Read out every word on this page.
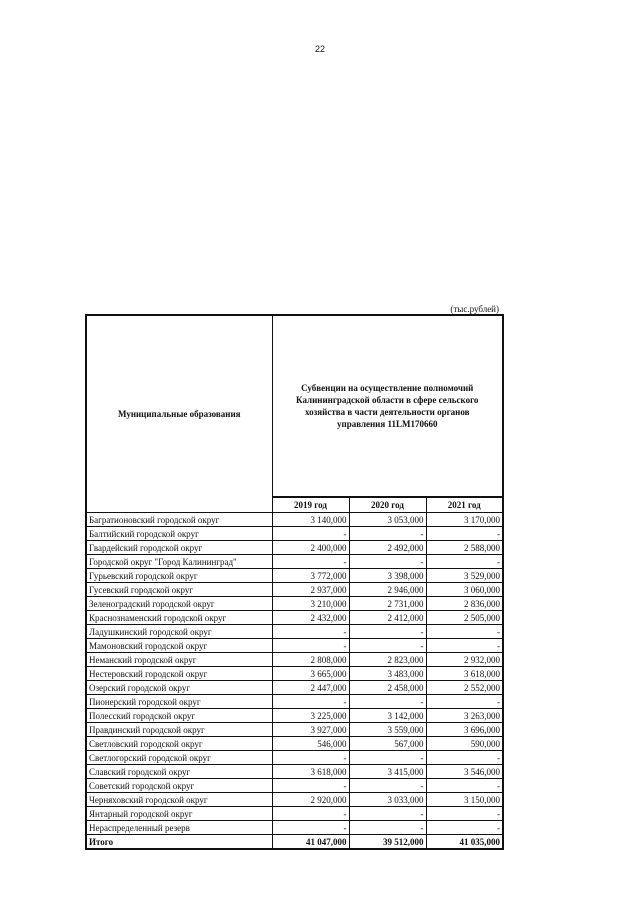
22
(тыс.рублей)
Муниципальные образования	Субвенции на осуществление полномочий Калининградской области в сфере сельского хозяйства в части деятельности органов управления 11LM170660		
	2019 год	2020 год	2021 год
Багратионовский городской округ	3 140,000	3 053,000	3 170,000
Балтийский городской округ	-	-	-
Гвардейский городской округ	2 400,000	2 492,000	2 588,000
Городской округ "Город Калининград"	-	-	-
Гурьевский городской округ	3 772,000	3 398,000	3 529,000
Гусевский городской округ	2 937,000	2 946,000	3 060,000
Зеленоградский городской округ	3 210,000	2 731,000	2 836,000
Краснознаменский городской округ	2 432,000	2 412,000	2 505,000
Ладушкинский городской округ	-	-	-
Мамоновский городской округ	-	-	-
Неманский городской округ	2 808,000	2 823,000	2 932,000
Нестеровский городской округ	3 665,000	3 483,000	3 618,000
Озерский городской округ	2 447,000	2 458,000	2 552,000
Пионерский городской округ	-	-	-
Полесский городской округ	3 225,000	3 142,000	3 263,000
Правдинский городской округ	3 927,000	3 559,000	3 696,000
Светловский городской округ	546,000	567,000	590,000
Светлогорский городской округ	-	-	-
Славский городской округ	3 618,000	3 415,000	3 546,000
Советский городской округ	-	-	-
Черняховский городской округ	2 920,000	3 033,000	3 150,000
Янтарный городской округ	-	-	-
Нераспределенный резерв	-	-	-
Итого	41 047,000	39 512,000	41 035,000
